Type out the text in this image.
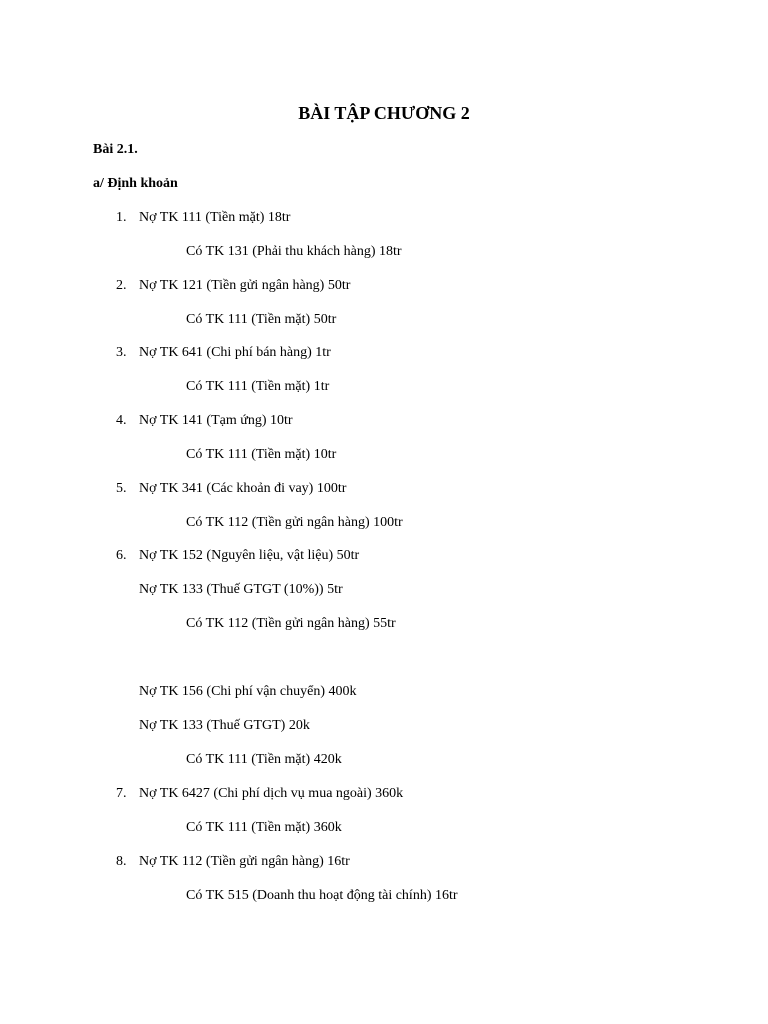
BÀI TẬP CHƯƠNG 2
Bài 2.1.
a/ Định khoản
1. Nợ TK 111 (Tiền mặt) 18tr
Có TK 131 (Phải thu khách hàng) 18tr
2. Nợ TK 121 (Tiền gửi ngân hàng) 50tr
Có TK 111 (Tiền mặt) 50tr
3. Nợ TK 641 (Chi phí bán hàng) 1tr
Có TK 111 (Tiền mặt) 1tr
4. Nợ TK 141 (Tạm ứng) 10tr
Có TK 111 (Tiền mặt) 10tr
5. Nợ TK 341 (Các khoản đi vay) 100tr
Có TK 112 (Tiền gửi ngân hàng) 100tr
6. Nợ TK 152 (Nguyên liệu, vật liệu) 50tr
Nợ TK 133 (Thuế GTGT (10%)) 5tr
Có TK 112 (Tiền gửi ngân hàng) 55tr
Nợ TK 156 (Chi phí vận chuyển) 400k
Nợ TK 133 (Thuế GTGT) 20k
Có TK 111 (Tiền mặt) 420k
7. Nợ TK 6427 (Chi phí dịch vụ mua ngoài) 360k
Có TK 111 (Tiền mặt) 360k
8. Nợ TK 112 (Tiền gửi ngân hàng) 16tr
Có TK 515 (Doanh thu hoạt động tài chính) 16tr
